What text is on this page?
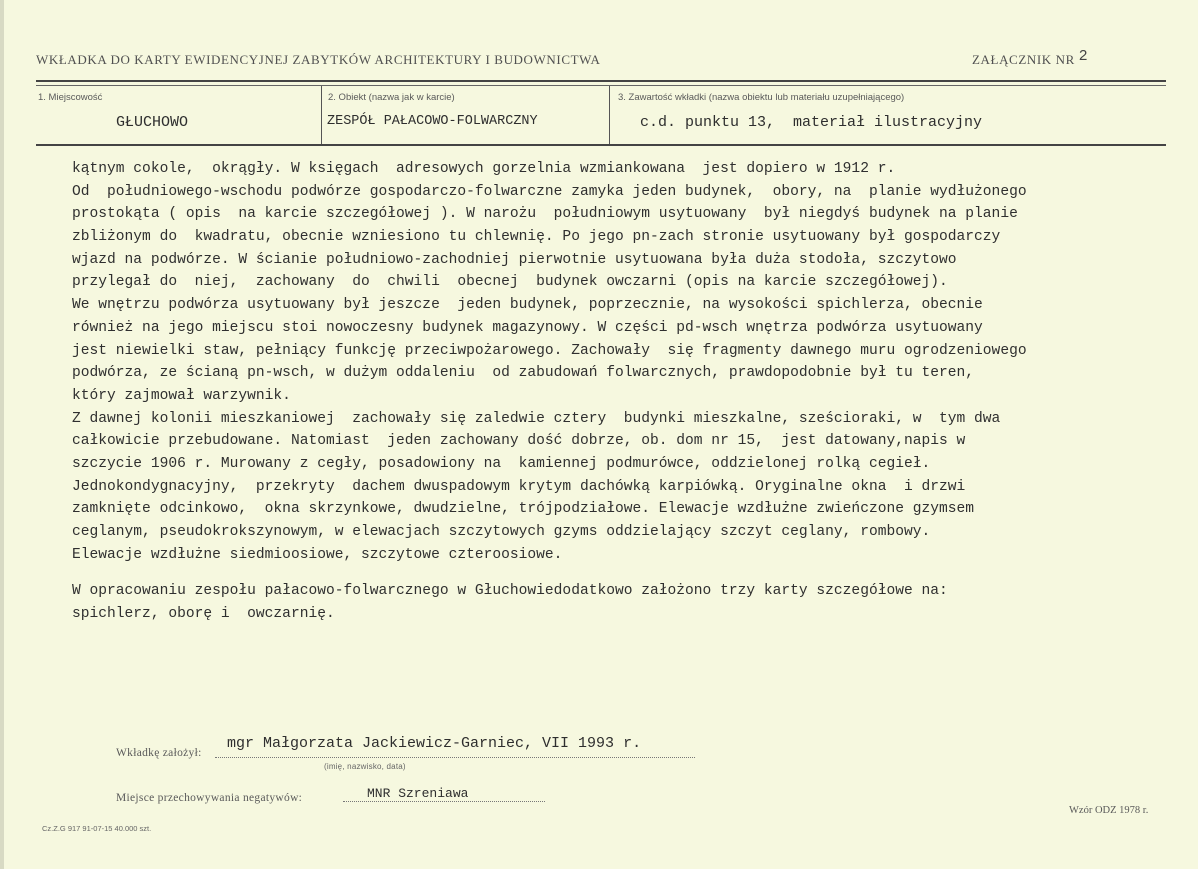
WKŁADKA DO KARTY EWIDENCYJNEJ ZABYTKÓW ARCHITEKTURY I BUDOWNICTWA	ZAŁĄCZNIK NR 2
1. Miejscowość
GŁUCHOWO
2. Obiekt (nazwa jak w karcie)
ZESPÓŁ PAŁACOWO-FOLWARCZNY
3. Zawartość wkładki (nazwa obiektu lub materiału uzupełniającego)
c.d. punktu 13,  materiał ilustracyjny
kątnym cokole,  okrągły. W księgach  adresowych gorzelnia wzmiankowana  jest dopiero w 1912 r.
Od  południowego-wschodu podwórze gospodarczo-folwarczne zamyka jeden budynek,  obory, na  planie wydłużonego
prostokąta ( opis  na karcie szczegółowej ). W narożu  południowym usytuowany  był niegdyś budynek na planie
zbliżonym do  kwadratu, obecnie wzniesiono tu chlewnię. Po jego pn-zach stronie usytuowany był gospodarczy
wjazd na podwórze. W ścianie południowo-zachodniej pierwotnie usytuowana była duża stodoła, szczytowo
przylegał do  niej,  zachowany  do  chwili  obecnej  budynek owczarni (opis na karcie szczegółowej).
We wnętrzu podwórza usytuowany był jeszcze  jeden budynek, poprzecznie, na wysokości spichlerza, obecnie
również na jego miejscu stoi nowoczesny budynek magazynowy. W części pd-wsch wnętrza podwórza usytuowany
jest niewielki staw, pełniący funkcję przeciwpożarowego. Zachowały  się fragmenty dawnego muru ogrodzeniowego
podwórza, ze ścianą pn-wsch, w dużym oddaleniu  od zabudowań folwarcznych, prawdopodobnie był tu teren,
który zajmował warzywnik.
Z dawnej kolonii mieszkaniowej  zachowały się zaledwie cztery  budynki mieszkalne, sześcioraki, w  tym dwa
całkowicie przebudowane. Natomiast  jeden zachowany dość dobrze, ob. dom nr 15,  jest datowany,napis w
szczycie 1906 r. Murowany z cegły, posadowiony na  kamiennej podmurówce, oddzielonej rolką cegieł.
Jednokondygnacyjny,  przekryty  dachem dwuspadowym krytym dachówką karpiówką. Oryginalne okna  i drzwi
zamknięte odcinkowo,  okna skrzynkowe, dwudzielne, trójpodziałowe. Elewacje wzdłużne zwieńczone gzymsem
ceglanym, pseudokrokszynowym, w elewacjach szczytowych gzyms oddzielający szczyt ceglany, rombowy.
Elewacje wzdłużne siedmioosiowe, szczytowe czteroosiowe.
W opracowaniu zespołu pałacowo-folwarcznego w Głuchowiedodatkowo założono trzy karty szczegółowe na:
spichlerz, oborę i  owczarnię.
Wkładkę założył:
mgr Małgorzata Jackiewicz-Garniec, VII 1993 r.
(imię, nazwisko, data)
Miejsce przechowywania negatywów:	MNR Szreniawa
Cz.Z.G 917 91-07-15 40.000 szt.
Wzór ODZ 1978 r.
